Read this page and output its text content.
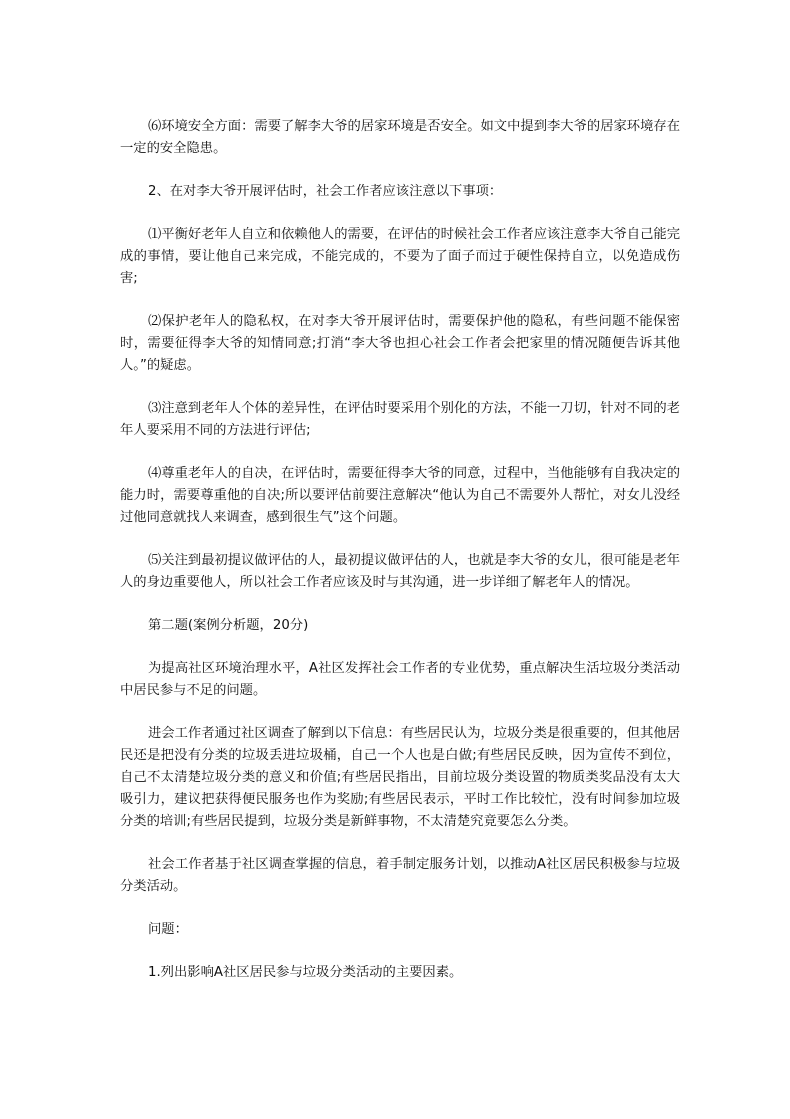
⑹环境安全方面：需要了解李大爷的居家环境是否安全。如文中提到李大爷的居家环境存在一定的安全隐患。

2、在对李大爷开展评估时，社会工作者应该注意以下事项：

⑴平衡好老年人自立和依赖他人的需要，在评估的时候社会工作者应该注意李大爷自己能完成的事情，要让他自己来完成，不能完成的，不要为了面子而过于硬性保持自立，以免造成伤害;

⑵保护老年人的隐私权，在对李大爷开展评估时，需要保护他的隐私，有些问题不能保密时，需要征得李大爷的知情同意;打消“李大爷也担心社会工作者会把家里的情况随便告诉其他人。”的疑虑。

⑶注意到老年人个体的差异性，在评估时要采用个别化的方法，不能一刀切，针对不同的老年人要采用不同的方法进行评估;

⑷尊重老年人的自决，在评估时，需要征得李大爷的同意，过程中，当他能够有自我决定的能力时，需要尊重他的自决;所以要评估前要注意解决“他认为自己不需要外人帮忙，对女儿没经过他同意就找人来调查，感到很生气”这个问题。

⑸关注到最初提议做评估的人，最初提议做评估的人，也就是李大爷的女儿，很可能是老年人的身边重要他人，所以社会工作者应该及时与其沟通，进一步详细了解老年人的情况。

第二题(案例分析题，20分)

为提高社区环境治理水平，A社区发挥社会工作者的专业优势，重点解决生活垃圾分类活动中居民参与不足的问题。

进会工作者通过社区调查了解到以下信息：有些居民认为，垃圾分类是很重要的，但其他居民还是把没有分类的垃圾丢进垃圾桶，自己一个人也是白做;有些居民反映，因为宣传不到位，自己不太清楚垃圾分类的意义和价值;有些居民指出，目前垃圾分类设置的物质类奖品没有太大吸引力，建议把获得便民服务也作为奖励;有些居民表示，平时工作比较忙，没有时间参加垃圾分类的培训;有些居民提到，垃圾分类是新鲜事物，不太清楚究竟要怎么分类。

社会工作者基于社区调查掌握的信息，着手制定服务计划，以推动A社区居民积极参与垃圾分类活动。

问题：

1.列出影响A社区居民参与垃圾分类活动的主要因素。
